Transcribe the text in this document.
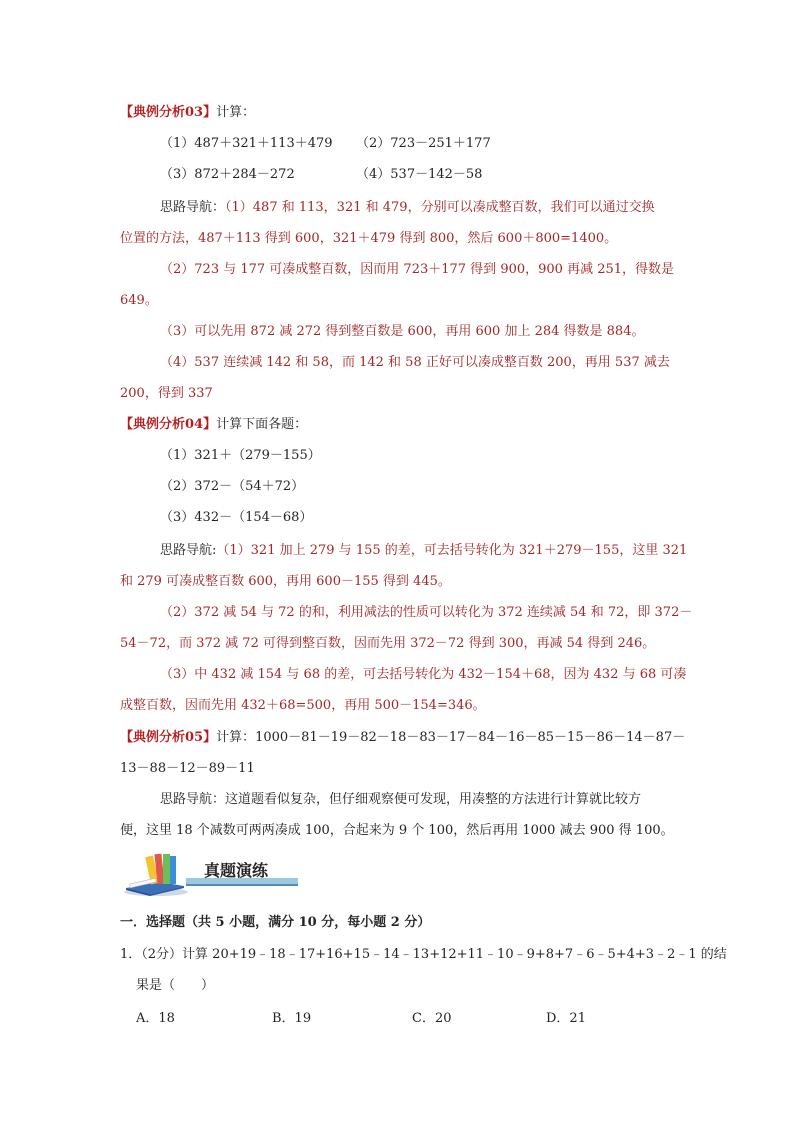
【典例分析03】计算：
（1）487＋321＋113＋479 （2）723－251＋177
（3）872＋284－272	（4）537－142－58
思路导航：（1）487 和 113，321 和 479，分别可以凑成整百数，我们可以通过交换
位置的方法，487＋113 得到 600，321＋479 得到 800，然后 600＋800=1400。
（2）723 与 177 可凑成整百数，因而用 723＋177 得到 900，900 再减 251，得数是
649。
（3）可以先用 872 减 272 得到整百数是 600，再用 600 加上 284 得数是 884。
（4）537 连续减 142 和 58，而 142 和 58 正好可以凑成整百数 200，再用 537 减去
200，得到 337
【典例分析04】计算下面各题：
（1）321＋（279－155）
（2）372－（54＋72）
（3）432－（154－68）
思路导航:（1）321 加上 279 与 155 的差，可去括号转化为 321＋279－155，这里 321
和 279 可凑成整百数 600，再用 600－155 得到 445。
（2）372 减 54 与 72 的和，利用减法的性质可以转化为 372 连续减 54 和 72，即 372－
54－72，而 372 减 72 可得到整百数，因而先用 372－72 得到 300，再减 54 得到 246。
（3）中 432 减 154 与 68 的差，可去括号转化为 432－154＋68，因为 432 与 68 可凑
成整百数，因而先用 432＋68=500，再用 500－154=346。
【典例分析05】计算：1000－81－19－82－18－83－17－84－16－85－15－86－14－87－
13－88－12－89－11
思路导航：这道题看似复杂，但仔细观察便可发现，用凑整的方法进行计算就比较方
便，这里 18 个减数可两两凑成 100，合起来为 9 个 100，然后再用 1000 减去 900 得 100。
真题演练
一．选择题（共 5 小题，满分 10 分，每小题 2 分）
1．（2分）计算 20+19﹣18﹣17+16+15﹣14﹣13+12+11﹣10﹣9+8+7﹣6﹣5+4+3﹣2﹣1 的结
果是（　　）
A．18	B．19	C．20	D．21
